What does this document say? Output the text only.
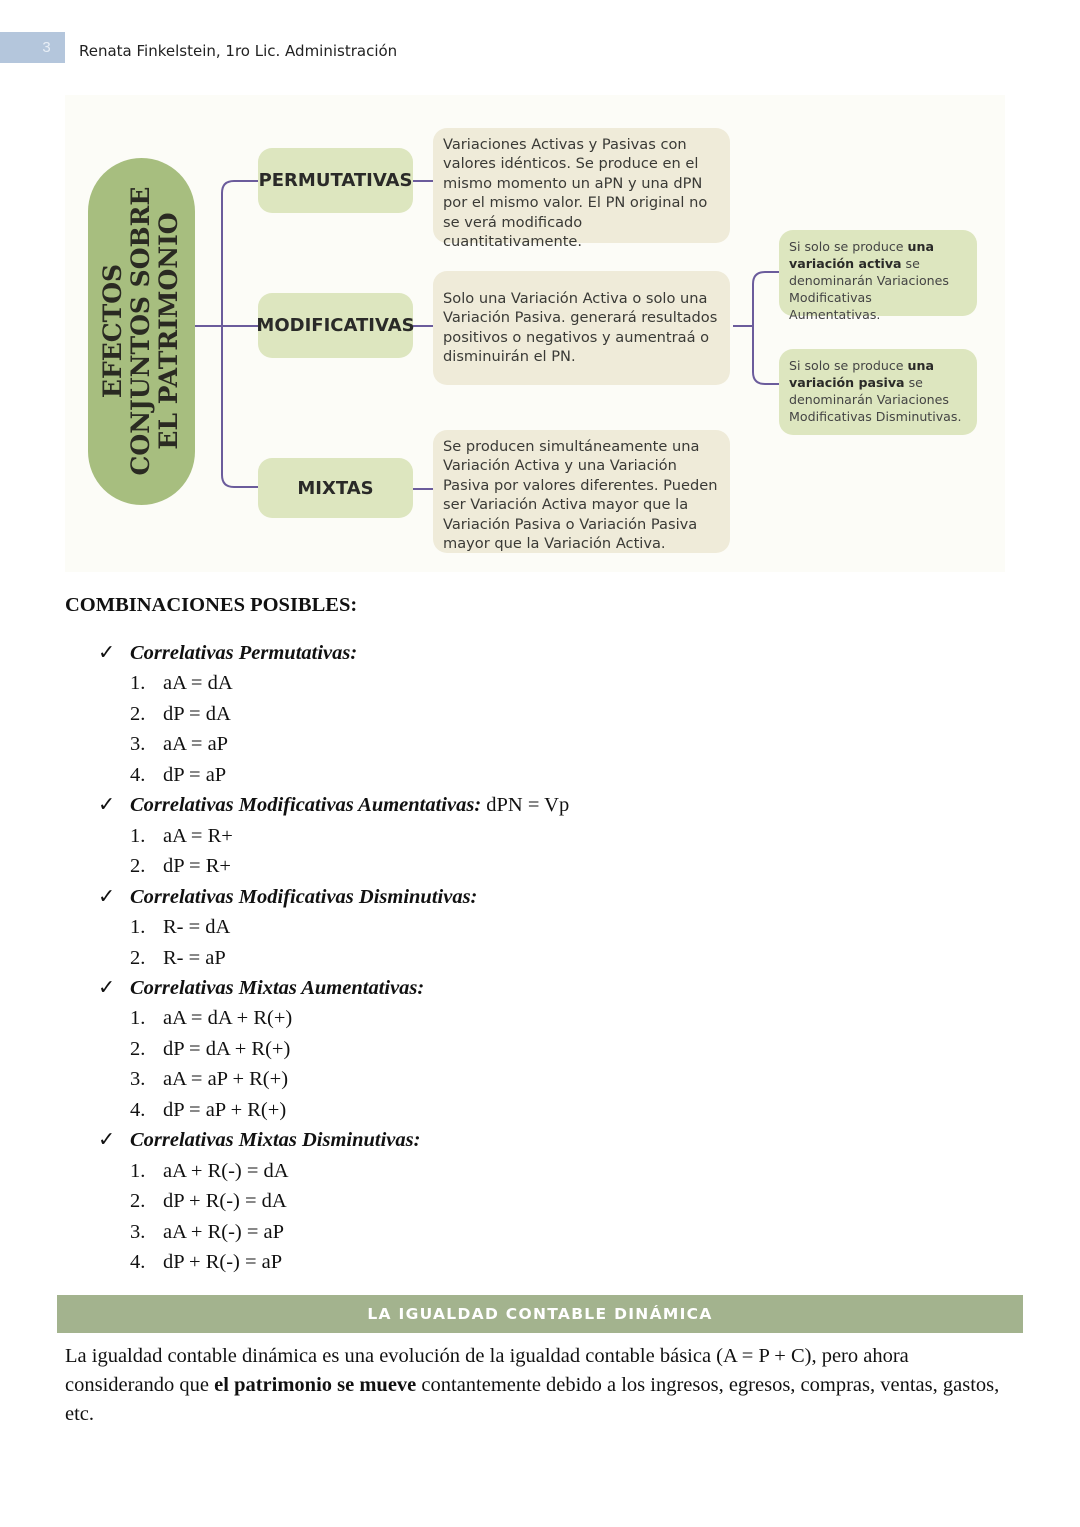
3 Renata Finkelstein, 1ro Lic. Administración
EFECTOS CONJUNTOS SOBRE EL PATRIMONIO
PERMUTATIVAS
MODIFICATIVAS
MIXTAS
Variaciones Activas y Pasivas con valores idénticos. Se produce en el mismo momento un aPN y una dPN por el mismo valor. El PN original no se verá modificado cuantitativamente.
Solo una Variación Activa o solo una Variación Pasiva. generará resultados positivos o negativos y aumentraá o disminuirán el PN.
Se producen simultáneamente una Variación Activa y una Variación Pasiva por valores diferentes. Pueden ser Variación Activa mayor que la Variación Pasiva o Variación Pasiva mayor que la Variación Activa.
Si solo se produce una variación activa se denominarán Variaciones Modificativas Aumentativas.
Si solo se produce una variación pasiva se denominarán Variaciones Modificativas Disminutivas.
COMBINACIONES POSIBLES:
✓ Correlativas Permutativas:
1. aA = dA
2. dP = dA
3. aA = aP
4. dP = aP
✓ Correlativas Modificativas Aumentativas: dPN = Vp
1. aA = R+
2. dP = R+
✓ Correlativas Modificativas Disminutivas:
1. R- = dA
2. R- = aP
✓ Correlativas Mixtas Aumentativas:
1. aA = dA + R(+)
2. dP = dA + R(+)
3. aA = aP + R(+)
4. dP = aP + R(+)
✓ Correlativas Mixtas Disminutivas:
1. aA + R(-) = dA
2. dP + R(-) = dA
3. aA + R(-) = aP
4. dP + R(-) = aP
LA IGUALDAD CONTABLE DINÁMICA
La igualdad contable dinámica es una evolución de la igualdad contable básica (A = P + C), pero ahora considerando que el patrimonio se mueve contantemente debido a los ingresos, egresos, compras, ventas, gastos, etc.
